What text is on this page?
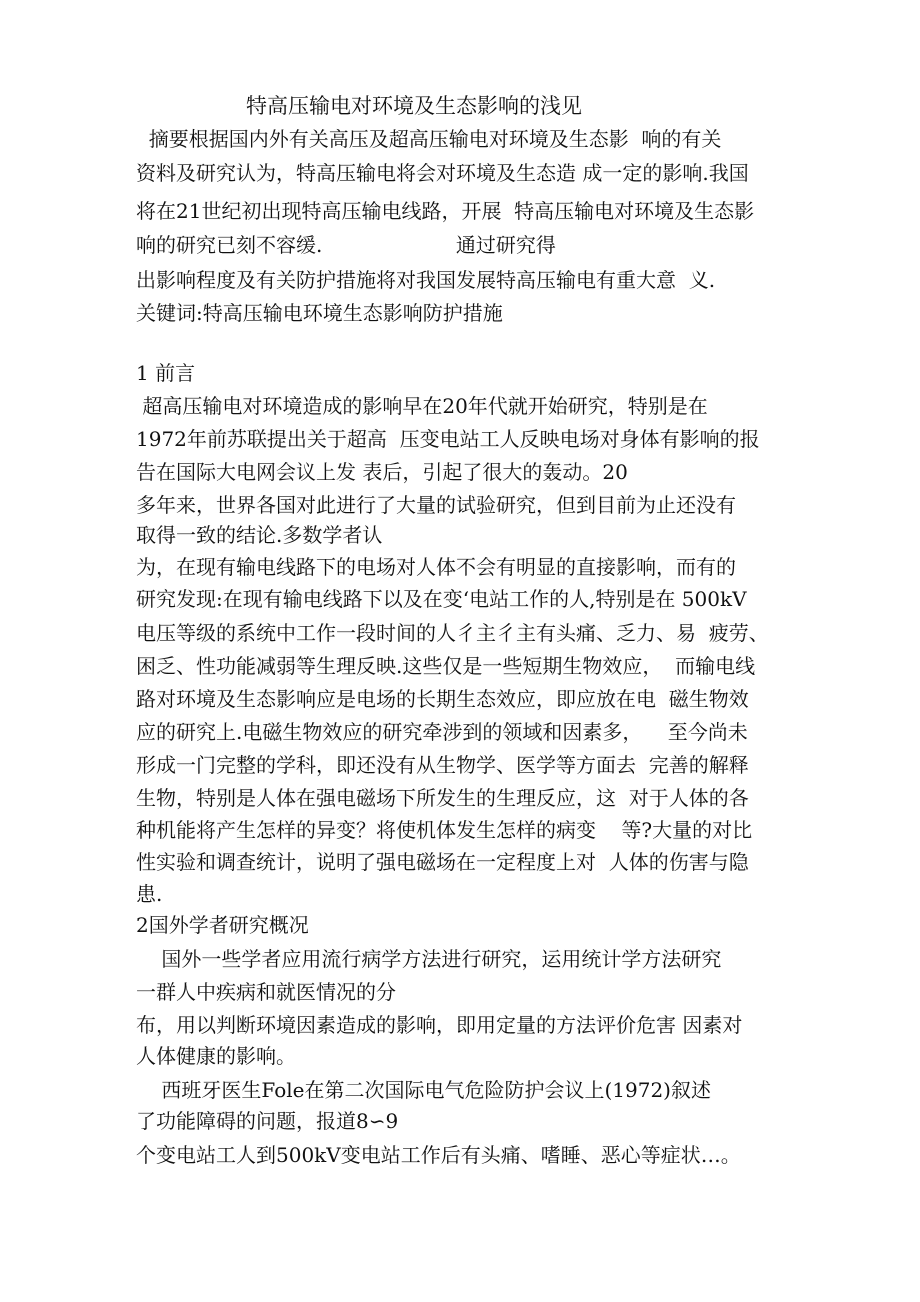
特高压输电对环境及生态影响的浅见

摘要根据国内外有关高压及超高压输电对环境及生态影  响的有关

资料及研究认为，特高压输电将会对环境及生态造 成一定的影响.我国

将在21世纪初出现特高压输电线路，开展  特高压输电对环境及生态影

响的研究已刻不容缓.                     通过研究得

出影响程度及有关防护措施将对我国发展特高压输电有重大意  义.

关键词:特高压输电环境生态影响防护措施

1 前言

超高压输电对环境造成的影响早在20年代就开始研究，特别是在

1972年前苏联提出关于超高  压变电站工人反映电场对身体有影响的报

告在国际大电网会议上发 表后，引起了很大的轰动。20

多年来，世界各国对此进行了大量的试验研究，但到目前为止还没有

取得一致的结论.多数学者认

为，在现有输电线路下的电场对人体不会有明显的直接影响，而有的

研究发现:在现有输电线路下以及在变‘电站工作的人,特别是在 500kV

电压等级的系统中工作一段时间的人彳主彳主有头痛、乏力、易  疲劳、

困乏、性功能减弱等生理反映.这些仅是一些短期生物效应，  而输电线

路对环境及生态影响应是电场的长期生态效应，即应放在电  磁生物效

应的研究上.电磁生物效应的研究牵涉到的领域和因素多，    至今尚未

形成一门完整的学科，即还没有从生物学、医学等方面去  完善的解释

生物，特别是人体在强电磁场下所发生的生理反应，这  对于人体的各

种机能将产生怎样的异变？将使机体发生怎样的病变    等?大量的对比

性实验和调查统计，说明了强电磁场在一定程度上对  人体的伤害与隐

患.

2国外学者研究概况

国外一些学者应用流行病学方法进行研究，运用统计学方法研究

一群人中疾病和就医情况的分

布，用以判断环境因素造成的影响，即用定量的方法评价危害 因素对

人体健康的影响。

西班牙医生Fole在第二次国际电气危险防护会议上(1972)叙述

了功能障碍的问题，报道8∽9

个变电站工人到500kV变电站工作后有头痛、嗜睡、恶心等症状…。
